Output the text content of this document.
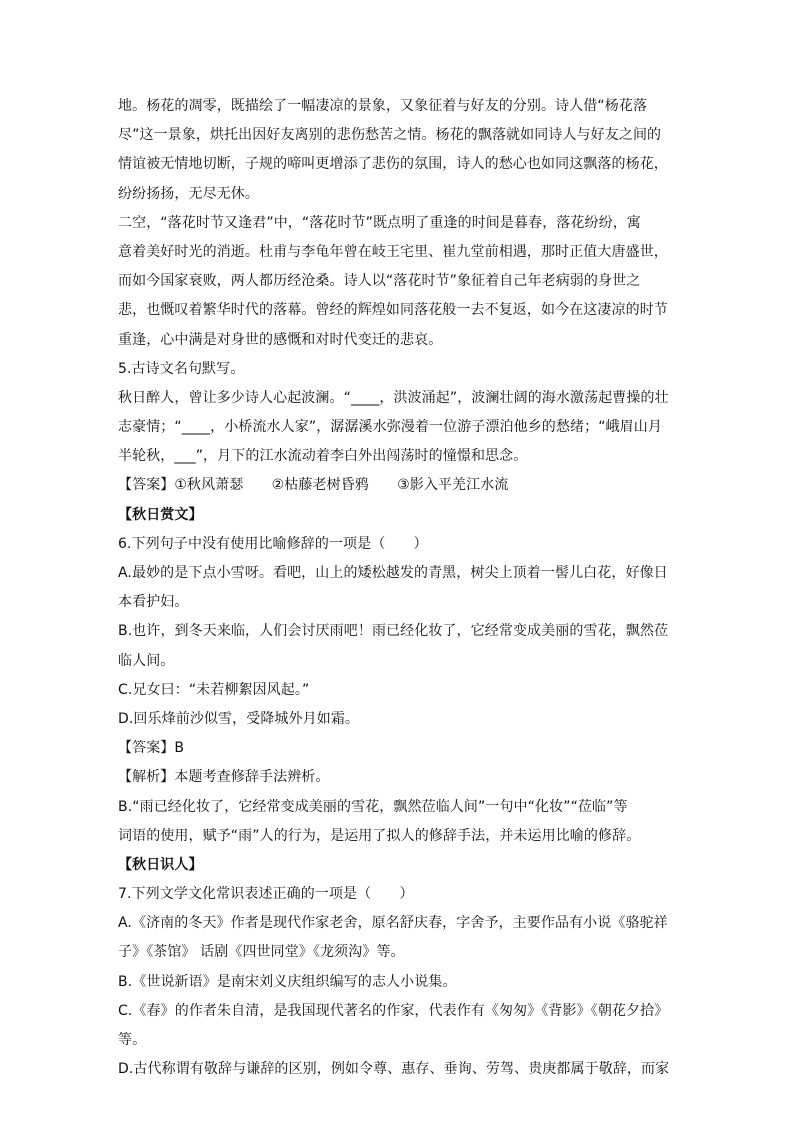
地。杨花的凋零，既描绘了一幅凄凉的景象，又象征着与好友的分别。诗人借“杨花落
尽”这一景象，烘托出因好友离别的悲伤愁苦之情。杨花的飘落就如同诗人与好友之间的
情谊被无情地切断，子规的啼叫更增添了悲伤的氛围，诗人的愁心也如同这飘落的杨花，
纷纷扬扬，无尽无休。
二空，“落花时节又逢君”中，“落花时节”既点明了重逢的时间是暮春，落花纷纷，寓
意着美好时光的消逝。杜甫与李龟年曾在岐王宅里、崔九堂前相遇，那时正值大唐盛世，
而如今国家衰败，两人都历经沧桑。诗人以“落花时节”象征着自己年老病弱的身世之
悲，也慨叹着繁华时代的落幕。曾经的辉煌如同落花般一去不复返，如今在这凄凉的时节
重逢，心中满是对身世的感慨和对时代变迁的悲哀。
5.古诗文名句默写。
秋日醉人，曾让多少诗人心起波澜。“____，洪波涌起”，波澜壮阔的海水激荡起曹操的壮
志豪情；“____，小桥流水人家”，潺潺溪水弥漫着一位游子漂泊他乡的愁绪；“峨眉山月
半轮秋，___”，月下的江水流动着李白外出闯荡时的憧憬和思念。
【答案】①秋风萧瑟　　②枯藤老树昏鸦　　③影入平羌江水流
【秋日赏文】
6.下列句子中没有使用比喻修辞的一项是（　　）
A.最妙的是下点小雪呀。看吧，山上的矮松越发的青黑，树尖上顶着一髻儿白花，好像日
本看护妇。
B.也许，到冬天来临，人们会讨厌雨吧！雨已经化妆了，它经常变成美丽的雪花，飘然莅
临人间。
C.兄女曰：“未若柳絮因风起。”
D.回乐烽前沙似雪，受降城外月如霜。
【答案】B
【解析】本题考查修辞手法辨析。
B.“雨已经化妆了，它经常变成美丽的雪花，飘然莅临人间”一句中“化妆”“莅临”等
词语的使用，赋予“雨”人的行为，是运用了拟人的修辞手法，并未运用比喻的修辞。
【秋日识人】
7.下列文学文化常识表述正确的一项是（　　）
A.《济南的冬天》作者是现代作家老舍，原名舒庆春，字舍予，主要作品有小说《骆驼祥
子》《茶馆》 话剧《四世同堂》《龙须沟》等。
B.《世说新语》是南宋刘义庆组织编写的志人小说集。
C.《春》的作者朱自清，是我国现代著名的作家，代表作有《匆匆》《背影》《朝花夕拾》
等。
D.古代称谓有敬辞与谦辞的区别，例如令尊、惠存、垂询、劳驾、贵庚都属于敬辞，而家
